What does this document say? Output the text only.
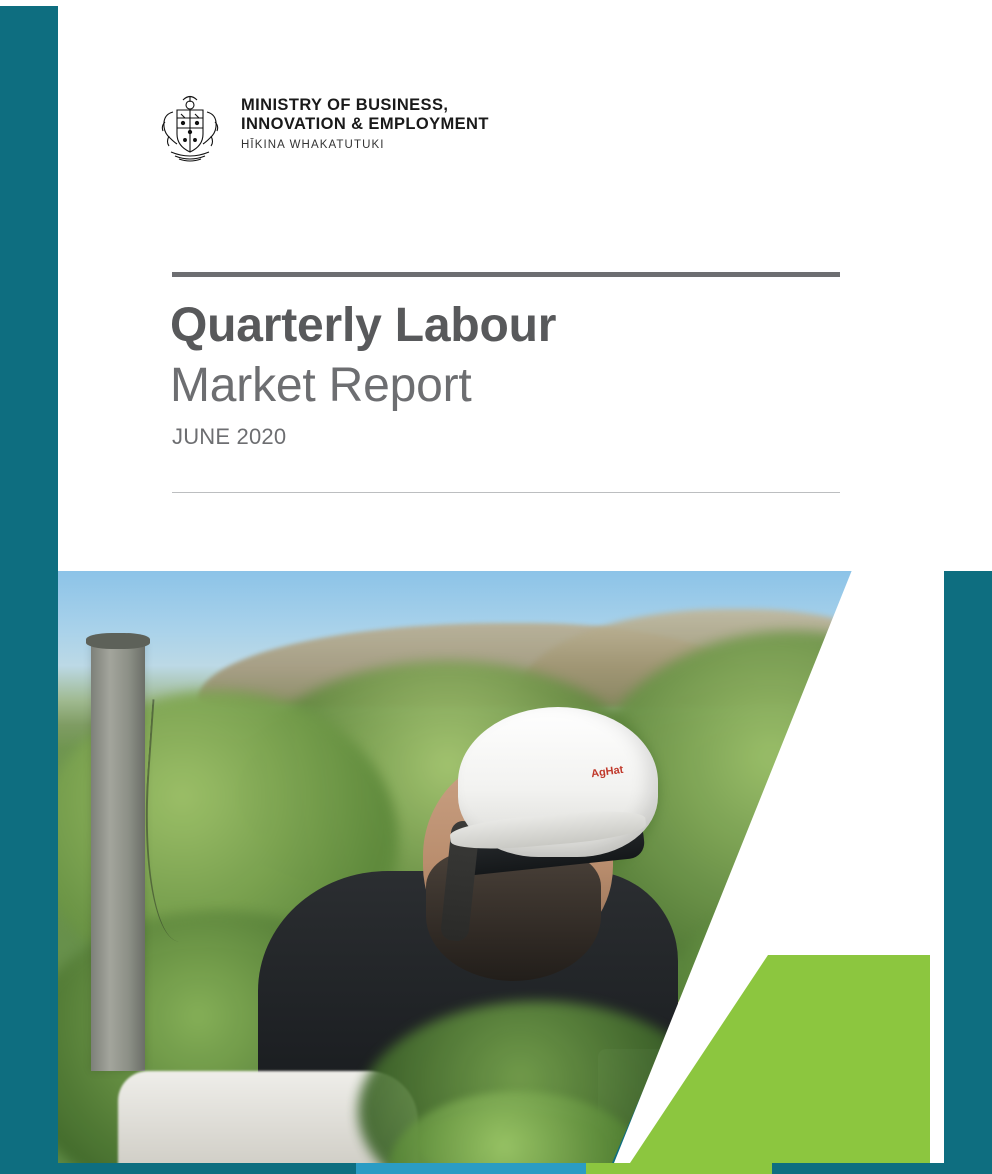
MINISTRY OF BUSINESS,
INNOVATION & EMPLOYMENT
HĪKINA WHAKATUTUKI
Quarterly Labour
Market Report
JUNE 2020
AgHat
